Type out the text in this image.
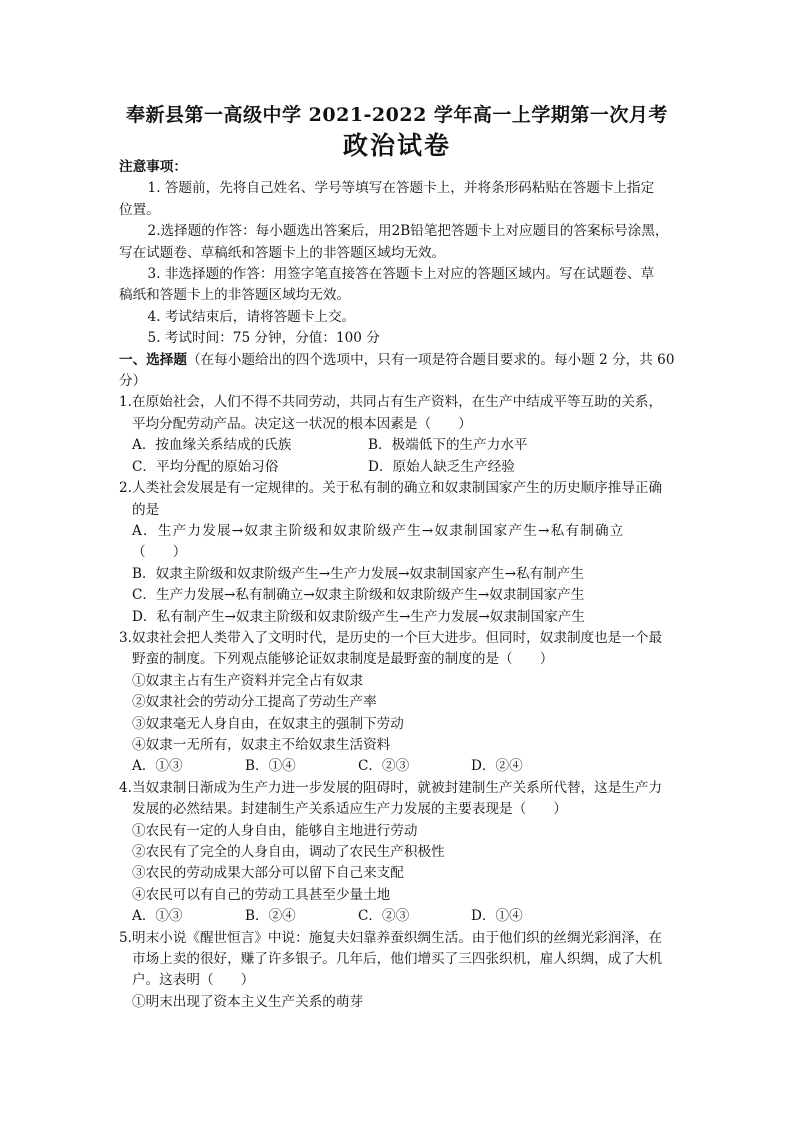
奉新县第一高级中学 2021-2022 学年高一上学期第一次月考
政治试卷

注意事项：

1. 答题前，先将自己姓名、学号等填写在答题卡上，并将条形码粘贴在答题卡上指定

位置。

2.选择题的作答：每小题选出答案后，用2B铅笔把答题卡上对应题目的答案标号涂黑，

写在试题卷、草稿纸和答题卡上的非答题区域均无效。

3. 非选择题的作答：用签字笔直接答在答题卡上对应的答题区域内。写在试题卷、草

稿纸和答题卡上的非答题区域均无效。

4. 考试结束后，请将答题卡上交。

5. 考试时间：75 分钟，分值：100 分

一、选择题（在每小题给出的四个选项中，只有一项是符合题目要求的。每小题 2 分，共 60

分）

1.在原始社会，人们不得不共同劳动，共同占有生产资料，在生产中结成平等互助的关系，

平均分配劳动产品。决定这一状况的根本因素是（　　）

A．按血缘关系结成的氏族	B．极端低下的生产力水平
C．平均分配的原始习俗	D．原始人缺乏生产经验

2.人类社会发展是有一定规律的。关于私有制的确立和奴隶制国家产生的历史顺序推导正确

的是

A．生产力发展→奴隶主阶级和奴隶阶级产生→奴隶制国家产生→私有制确立

（　　）

B．奴隶主阶级和奴隶阶级产生→生产力发展→奴隶制国家产生→私有制产生

C．生产力发展→私有制确立→奴隶主阶级和奴隶阶级产生→奴隶制国家产生

D．私有制产生→奴隶主阶级和奴隶阶级产生→生产力发展→奴隶制国家产生

3.奴隶社会把人类带入了文明时代，是历史的一个巨大进步。但同时，奴隶制度也是一个最

野蛮的制度。下列观点能够论证奴隶制度是最野蛮的制度的是（　　）

①奴隶主占有生产资料并完全占有奴隶

②奴隶社会的劳动分工提高了劳动生产率

③奴隶毫无人身自由，在奴隶主的强制下劳动

④奴隶一无所有，奴隶主不给奴隶生活资料

A．①③	B．①④	C．②③	D．②④

4.当奴隶制日渐成为生产力进一步发展的阻碍时，就被封建制生产关系所代替，这是生产力

发展的必然结果。封建制生产关系适应生产力发展的主要表现是（　　）

①农民有一定的人身自由，能够自主地进行劳动

②农民有了完全的人身自由，调动了农民生产积极性

③农民的劳动成果大部分可以留下自己来支配

④农民可以有自己的劳动工具甚至少量土地

A．①③	B．②④	C．②③	D．①④

5.明末小说《醒世恒言》中说：施复夫妇靠养蚕织绸生活。由于他们织的丝绸光彩润泽，在

市场上卖的很好，赚了许多银子。几年后，他们增买了三四张织机，雇人织绸，成了大机

户。这表明（　　）

①明末出现了资本主义生产关系的萌芽
